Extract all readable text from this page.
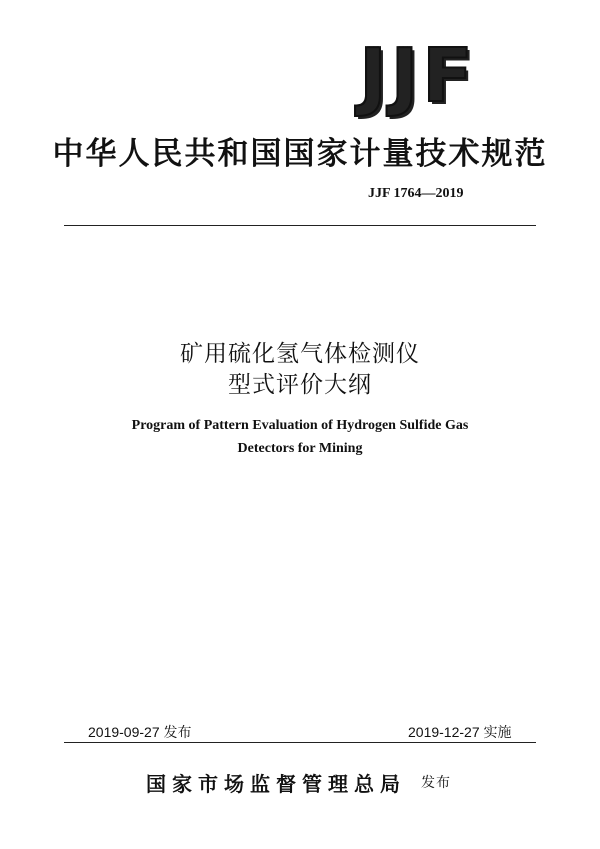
JJF
中华人民共和国国家计量技术规范
JJF 1764—2019
矿用硫化氢气体检测仪
型式评价大纲
Program of Pattern Evaluation of Hydrogen Sulfide Gas
Detectors for Mining
2019-09-27 发布	2019-12-27 实施
国家市场监督管理总局 发布
